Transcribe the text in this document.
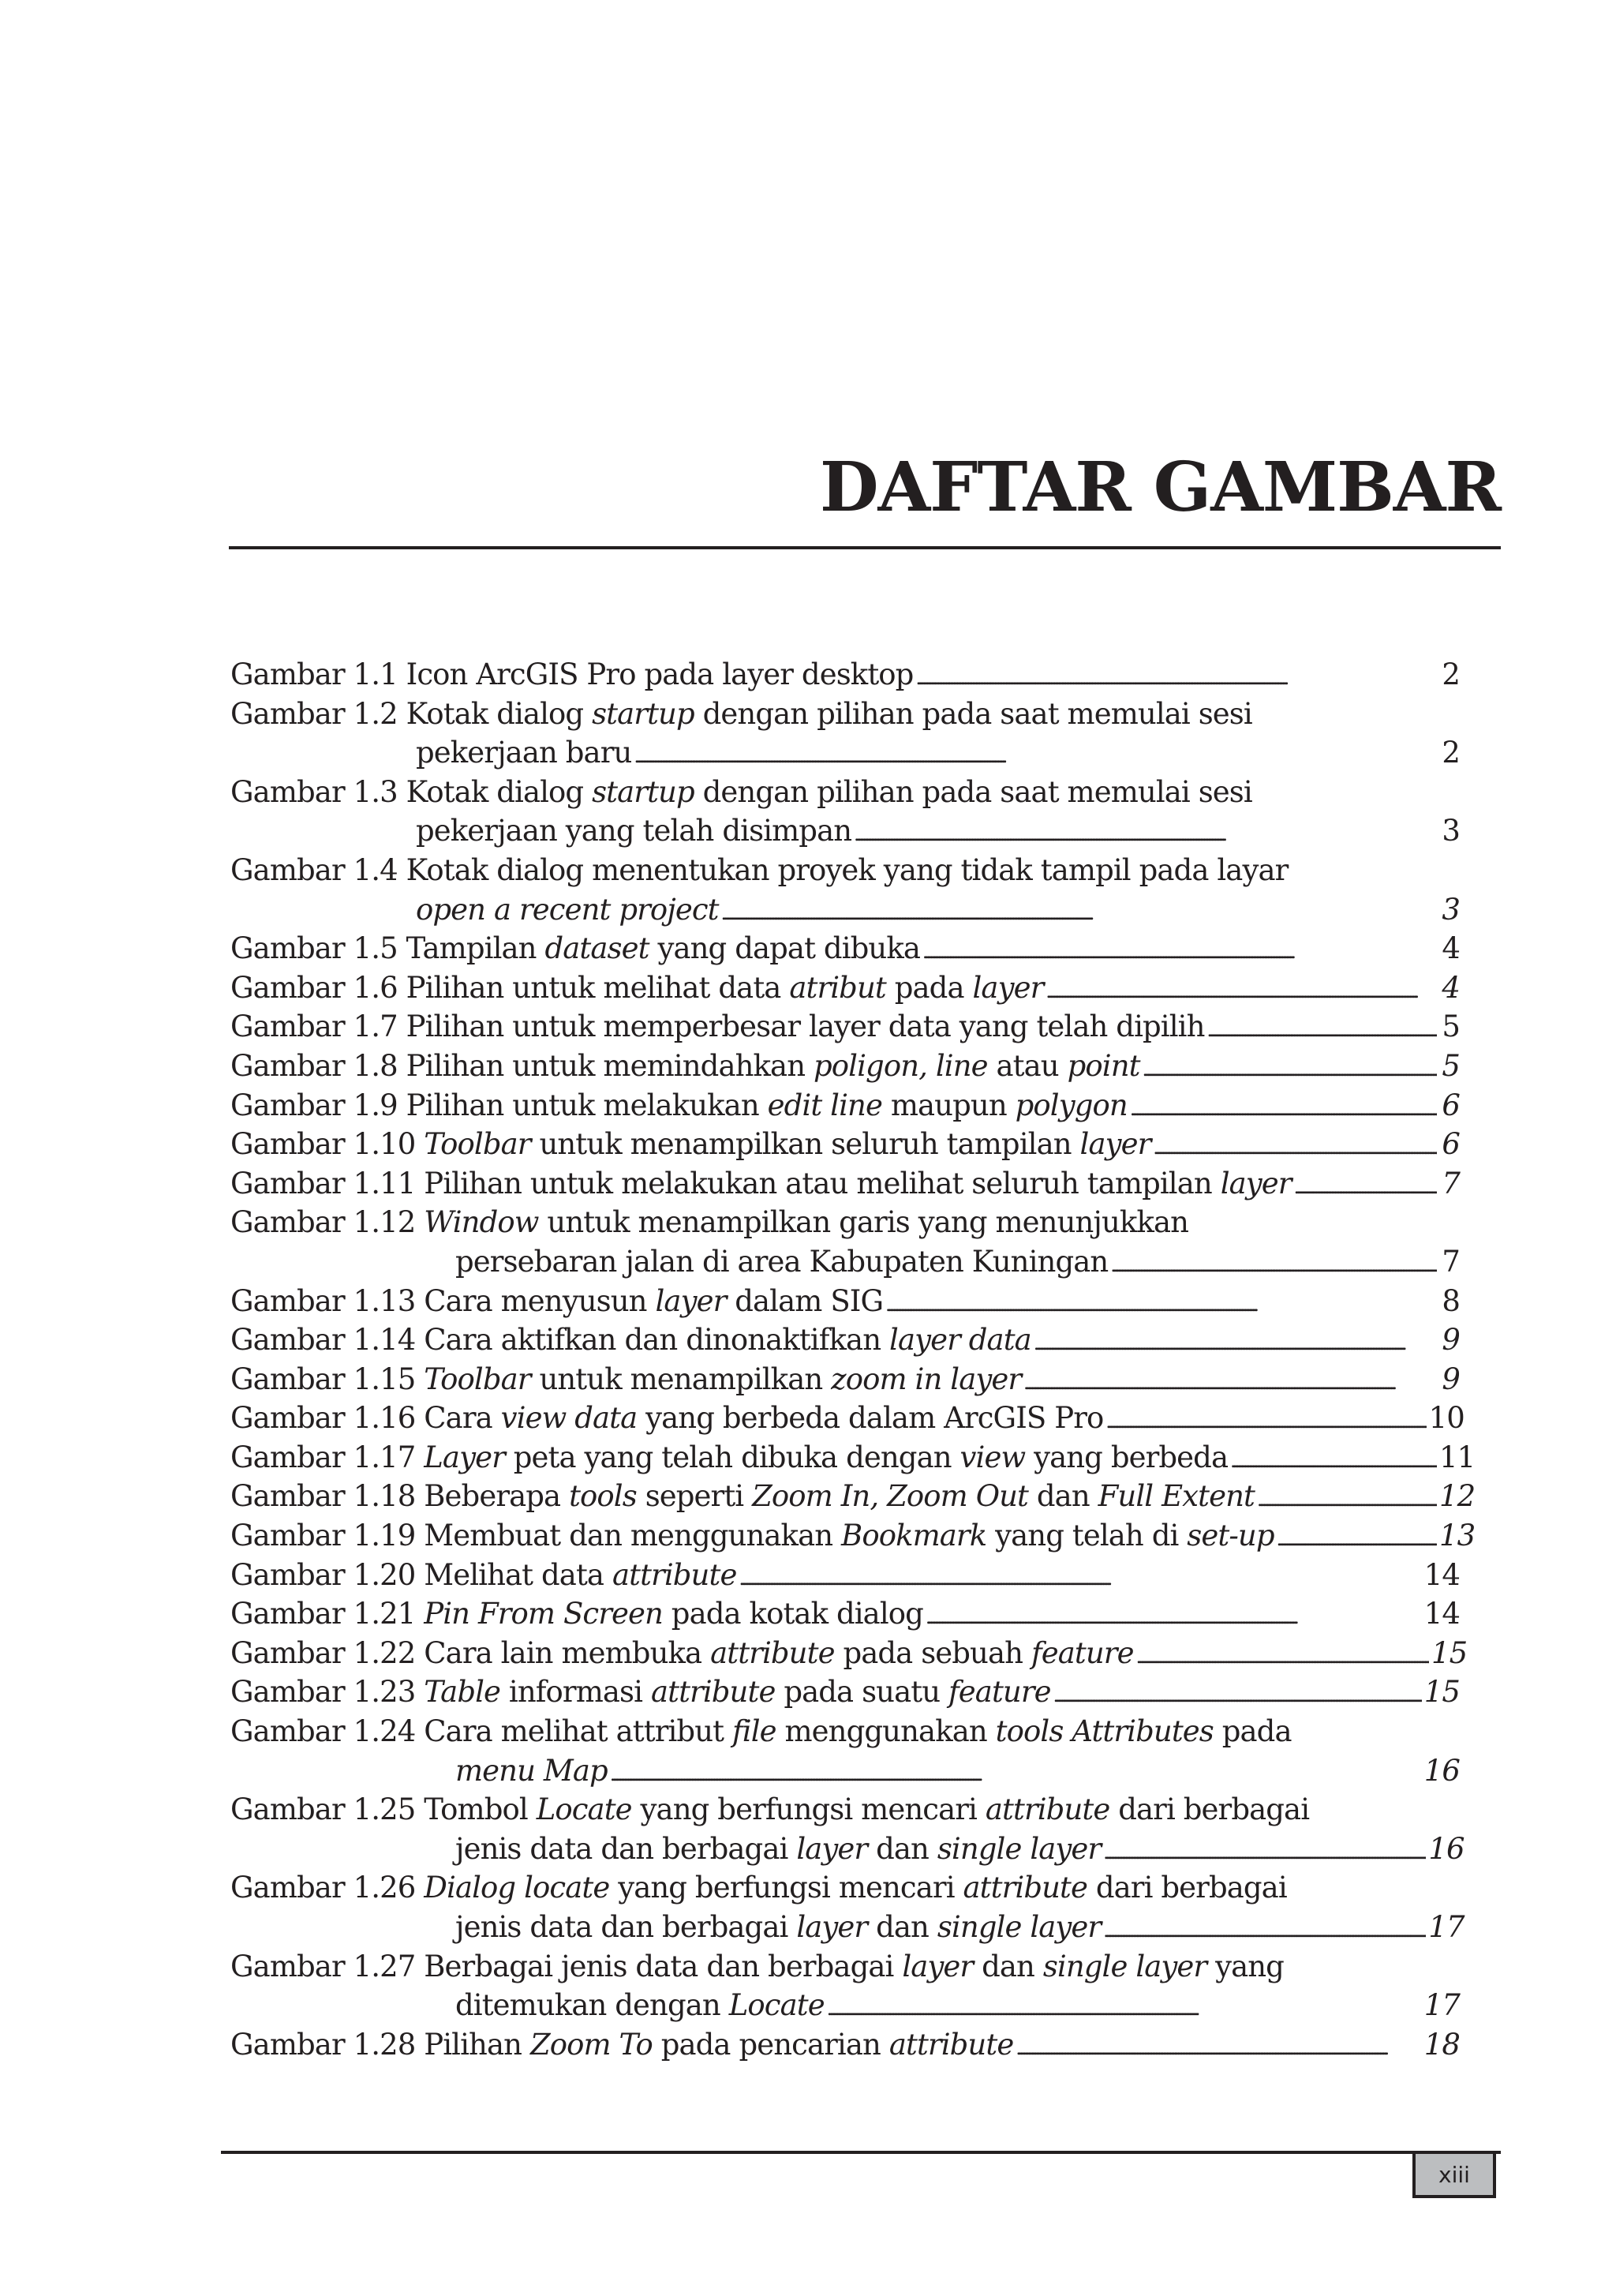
DAFTAR GAMBAR
Gambar 1.1 Icon ArcGIS Pro pada layer desktop . . .	2
Gambar 1.2 Kotak dialog startup dengan pilihan pada saat memulai sesi
pekerjaan baru . . .	2
Gambar 1.3 Kotak dialog startup dengan pilihan pada saat memulai sesi
pekerjaan yang telah disimpan . . .	3
Gambar 1.4 Kotak dialog menentukan proyek yang tidak tampil pada layar
open a recent project . . .	3
Gambar 1.5 Tampilan dataset yang dapat dibuka . . .	4
Gambar 1.6 Pilihan untuk melihat data atribut pada layer . . .	4
Gambar 1.7 Pilihan untuk memperbesar layer data yang telah dipilih . . .	5
Gambar 1.8 Pilihan untuk memindahkan poligon, line atau point . . .	5
Gambar 1.9 Pilihan untuk melakukan edit line maupun polygon . . .	6
Gambar 1.10 Toolbar untuk menampilkan seluruh tampilan layer . . .	6
Gambar 1.11 Pilihan untuk melakukan atau melihat seluruh tampilan layer . . .	7
Gambar 1.12 Window untuk menampilkan garis yang menunjukkan
persebaran jalan di area Kabupaten Kuningan . . .	7
Gambar 1.13 Cara menyusun layer dalam SIG . . .	8
Gambar 1.14 Cara aktifkan dan dinonaktifkan layer data . . .	9
Gambar 1.15 Toolbar untuk menampilkan zoom in layer . . .	9
Gambar 1.16 Cara view data yang berbeda dalam ArcGIS Pro . . .	10
Gambar 1.17 Layer peta yang telah dibuka dengan view yang berbeda . . .	11
Gambar 1.18 Beberapa tools seperti Zoom In, Zoom Out dan Full Extent . . .	12
Gambar 1.19 Membuat dan menggunakan Bookmark yang telah di set-up . . .	13
Gambar 1.20 Melihat data attribute . . .	14
Gambar 1.21 Pin From Screen pada kotak dialog . . .	14
Gambar 1.22 Cara lain membuka attribute pada sebuah feature . . .	15
Gambar 1.23 Table informasi attribute pada suatu feature . . .	15
Gambar 1.24 Cara melihat attribut file menggunakan tools Attributes pada
menu Map . . .	16
Gambar 1.25 Tombol Locate yang berfungsi mencari attribute dari berbagai
jenis data dan berbagai layer dan single layer . . .	16
Gambar 1.26 Dialog locate yang berfungsi mencari attribute dari berbagai
jenis data dan berbagai layer dan single layer . . .	17
Gambar 1.27 Berbagai jenis data dan berbagai layer dan single layer yang
ditemukan dengan Locate . . .	17
Gambar 1.28 Pilihan Zoom To pada pencarian attribute . . .	18
xiii
